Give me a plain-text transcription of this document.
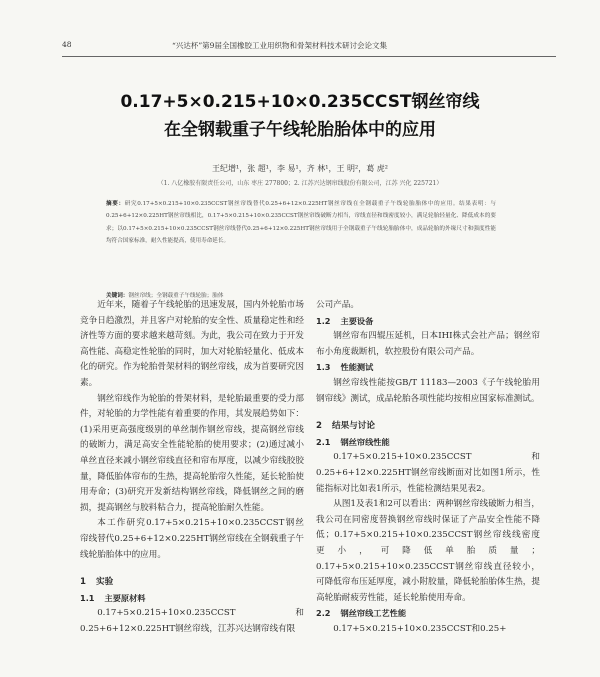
48	“兴达杯”第9届全国橡胶工业用织物和骨架材料技术研讨会论文集
0.17+5×0.215+10×0.235CCST钢丝帘线
在全钢载重子午线轮胎胎体中的应用
王纪增¹，张 超¹，李 易¹，齐 林¹，王 明²，葛 虎²
（1. 八亿橡胶有限责任公司，山东 枣庄 277800；2. 江苏兴达钢帘线股份有限公司，江苏 兴化 225721）
摘要：研究0.17+5×0.215+10×0.235CCST钢丝帘线替代0.25+6+12×0.225HT钢丝帘线在全钢载重子午线轮胎胎体中的应用。结果表明：与0.25+6+12×0.225HT钢丝帘线相比，0.17+5×0.215+10×0.235CCST钢丝帘线破断力相当，帘线直径和线密度较小，满足轮胎轻量化、降低成本的要求；以0.17+5×0.215+10×0.235CCST钢丝帘线替代0.25+6+12×0.225HT钢丝帘线用于全钢载重子午线轮胎胎体中，成品轮胎的外缘尺寸和强度性能均符合国家标准，耐久性能提高，使用寿命延长。
关键词：钢丝帘线；全钢载重子午线轮胎；胎体

近年来，随着子午线轮胎的迅速发展，国内外轮胎市场竞争日趋激烈，并且客户对轮胎的安全性、质量稳定性和经济性等方面的要求越来越苛刻。为此，我公司在致力于开发高性能、高稳定性轮胎的同时，加大对轮胎轻量化、低成本化的研究。作为轮胎骨架材料的钢丝帘线，成为首要研究因素。

钢丝帘线作为轮胎的骨架材料，是轮胎最重要的受力部件，对轮胎的力学性能有着重要的作用，其发展趋势如下：(1)采用更高强度级别的单丝制作钢丝帘线，提高钢丝帘线的破断力，满足高安全性能轮胎的使用要求；(2)通过减小单丝直径来减小钢丝帘线直径和帘布厚度，以减少帘线胶胶量，降低胎体帘布的生热，提高轮胎帘久性能，延长轮胎使用寿命；(3)研究开发新结构钢丝帘线，降低钢丝之间的磨损，提高钢丝与胶料粘合力，提高轮胎耐久性能。

本工作研究0.17+5×0.215+10×0.235CCST钢丝帘线替代0.25+6+12×0.225HT钢丝帘线在全钢载重子午线轮胎胎体中的应用。

1 实验
1.1 主要原材料

0.17+5×0.215+10×0.235CCST和0.25+6+12×0.225HT钢丝帘线，江苏兴达钢帘线有限

公司产品。

1.2 主要设备

钢丝帘布四辊压延机，日本IHI株式会社产品；钢丝帘布小角度裁断机，软控股份有限公司产品。

1.3 性能测试

钢丝帘线性能按GB/T 11183—2003《子午线轮胎用钢帘线》测试，成品轮胎各项性能均按相应国家标准测试。

2 结果与讨论
2.1 钢丝帘线性能

0.17+5×0.215+10×0.235CCST和0.25+6+12×0.225HT钢丝帘线断面对比如图1所示，性能指标对比如表1所示，性能检测结果见表2。

从图1及表1和2可以看出：两种钢丝帘线破断力相当，我公司在同密度替换钢丝帘线时保证了产品安全性能不降低；0.17+5×0.215+10×0.235CCST钢丝帘线线密度更小，可降低单胎质量；0.17+5×0.215+10×0.235CCST钢丝帘线直径较小，可降低帘布压延厚度，减小附胶量，降低轮胎胎体生热，提高轮胎耐疲劳性能，延长轮胎使用寿命。

2.2 钢丝帘线工艺性能

0.17+5×0.215+10×0.235CCST和0.25+
